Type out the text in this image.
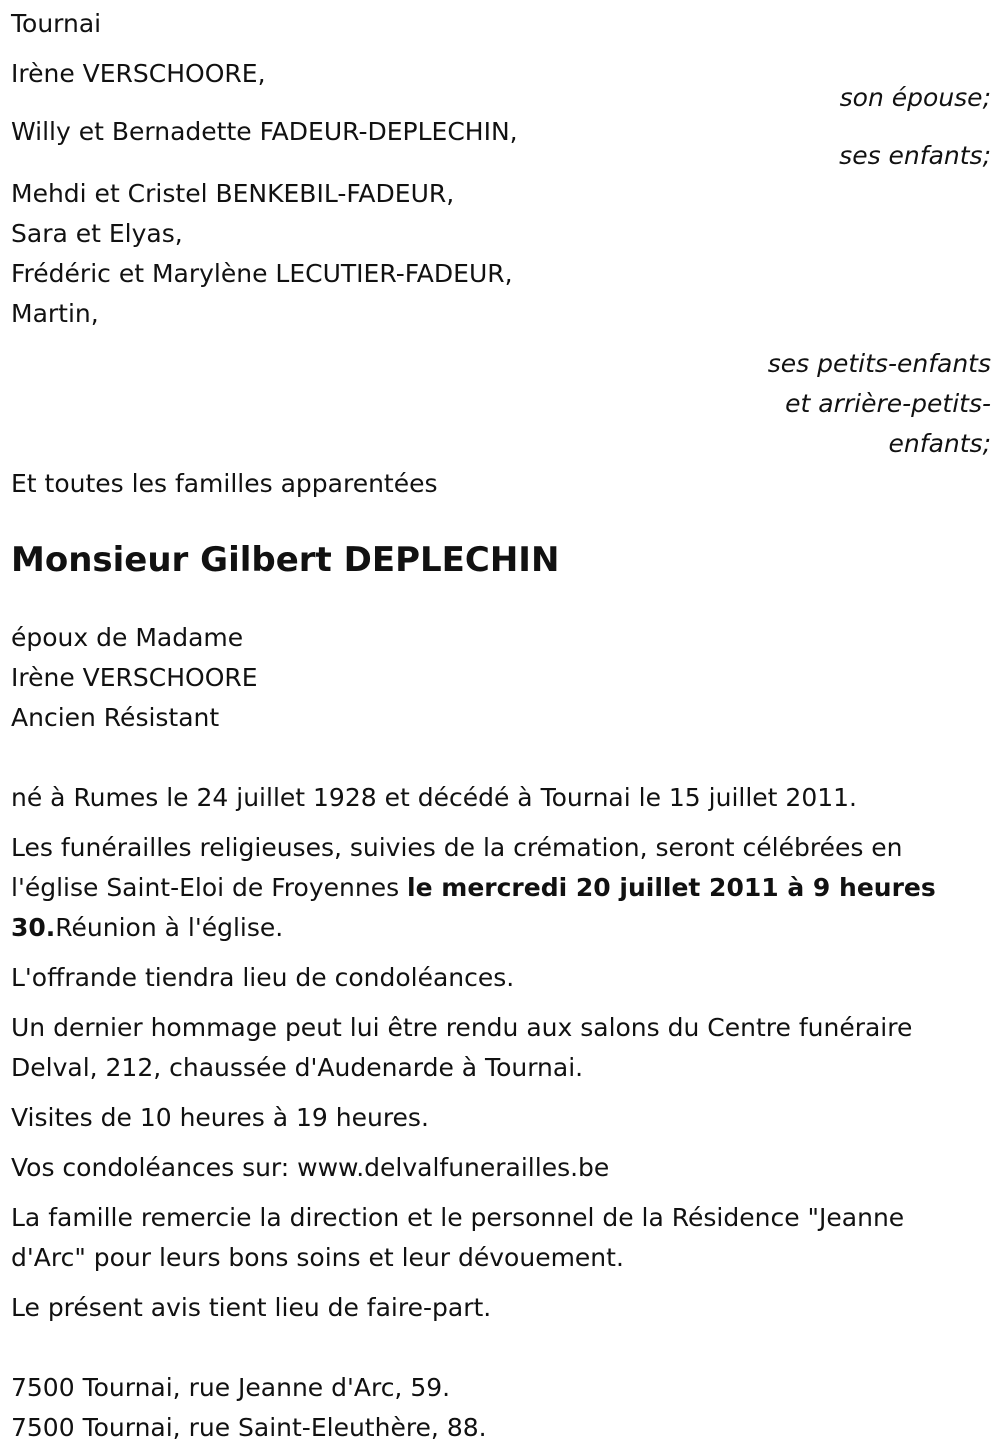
Tournai
Irène VERSCHOORE,
son épouse;
Willy et Bernadette FADEUR-DEPLECHIN,
ses enfants;
Mehdi et Cristel BENKEBIL-FADEUR,
Sara et Elyas,
Frédéric et Marylène LECUTIER-FADEUR,
Martin,
ses petits-enfants
et arrière-petits-
enfants;
Et toutes les familles apparentées
Monsieur Gilbert DEPLECHIN
époux de Madame
Irène VERSCHOORE
Ancien Résistant
né à Rumes le 24 juillet 1928 et décédé à Tournai le 15 juillet 2011.
Les funérailles religieuses, suivies de la crémation, seront célébrées en
l'église Saint-Eloi de Froyennes le mercredi 20 juillet 2011 à 9 heures
30.Réunion à l'église.
L'offrande tiendra lieu de condoléances.
Un dernier hommage peut lui être rendu aux salons du Centre funéraire
Delval, 212, chaussée d'Audenarde à Tournai.
Visites de 10 heures à 19 heures.
Vos condoléances sur: www.delvalfunerailles.be
La famille remercie la direction et le personnel de la Résidence "Jeanne
d'Arc" pour leurs bons soins et leur dévouement.
Le présent avis tient lieu de faire-part.
7500 Tournai, rue Jeanne d'Arc, 59.
7500 Tournai, rue Saint-Eleuthère, 88.
